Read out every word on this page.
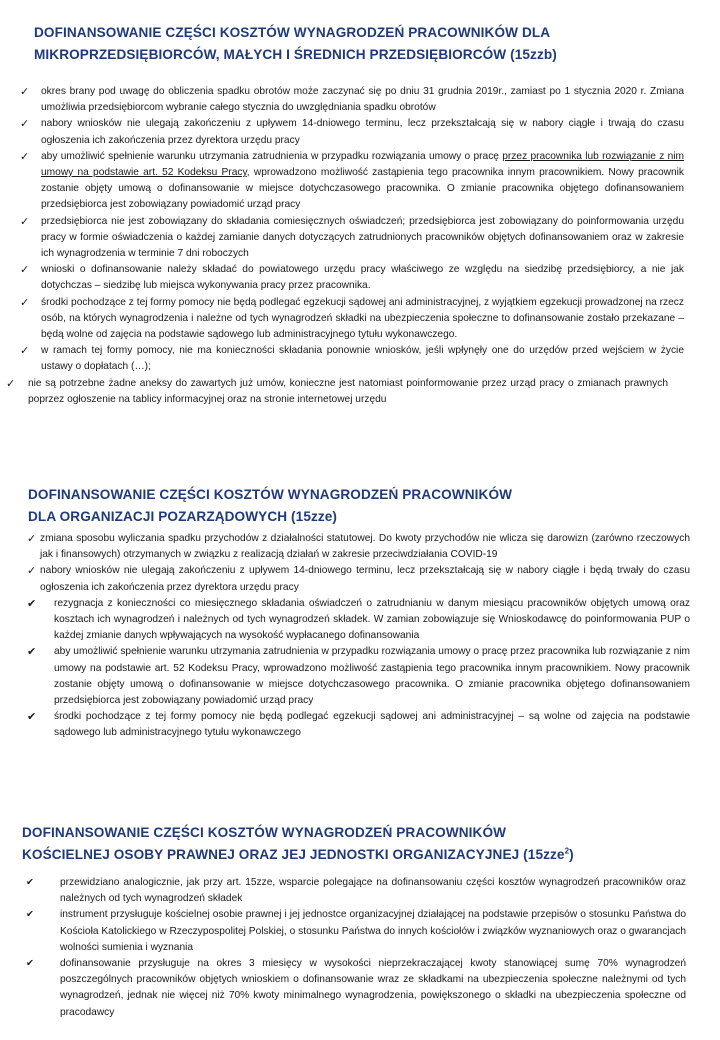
DOFINANSOWANIE CZĘŚCI KOSZTÓW WYNAGRODZEŃ PRACOWNIKÓW DLA
MIKROPRZEDSIĘBIORCÓW, MAŁYCH I ŚREDNICH PRZEDSIĘBIORCÓW (15zzb)
✓ okres brany pod uwagę do obliczenia spadku obrotów może zaczynać się po dniu 31 grudnia 2019r., zamiast po 1 stycznia 2020 r. Zmiana umożliwia przedsiębiorcom wybranie całego stycznia do uwzględniania spadku obrotów
✓ nabory wniosków nie ulegają zakończeniu z upływem 14-dniowego terminu, lecz przekształcają się w nabory ciągłe i trwają do czasu ogłoszenia ich zakończenia przez dyrektora urzędu pracy
✓ aby umożliwić spełnienie warunku utrzymania zatrudnienia w przypadku rozwiązania umowy o pracę przez pracownika lub rozwiązanie z nim umowy na podstawie art. 52 Kodeksu Pracy, wprowadzono możliwość zastąpienia tego pracownika innym pracownikiem. Nowy pracownik zostanie objęty umową o dofinansowanie w miejsce dotychczasowego pracownika. O zmianie pracownika objętego dofinansowaniem przedsiębiorca jest zobowiązany powiadomić urząd pracy
✓ przedsiębiorca nie jest zobowiązany do składania comiesięcznych oświadczeń; przedsiębiorca jest zobowiązany do poinformowania urzędu pracy w formie oświadczenia o każdej zamianie danych dotyczących zatrudnionych pracowników objętych dofinansowaniem oraz w zakresie ich wynagrodzenia w terminie 7 dni roboczych
✓ wnioski o dofinansowanie należy składać do powiatowego urzędu pracy właściwego ze względu na siedzibę przedsiębiorcy, a nie jak dotychczas – siedzibę lub miejsca wykonywania pracy przez pracownika.
✓ środki pochodzące z tej formy pomocy nie będą podlegać egzekucji sądowej ani administracyjnej, z wyjątkiem egzekucji prowadzonej na rzecz osób, na których wynagrodzenia i należne od tych wynagrodzeń składki na ubezpieczenia społeczne to dofinansowanie zostało przekazane – będą wolne od zajęcia na podstawie sądowego lub administracyjnego tytułu wykonawczego.
✓ w ramach tej formy pomocy, nie ma konieczności składania ponownie wniosków, jeśli wpłynęły one do urzędów przed wejściem w życie ustawy o dopłatach (…);
✓ nie są potrzebne żadne aneksy do zawartych już umów, konieczne jest natomiast poinformowanie przez urząd pracy o zmianach prawnych poprzez ogłoszenie na tablicy informacyjnej oraz na stronie internetowej urzędu
DOFINANSOWANIE CZĘŚCI KOSZTÓW WYNAGRODZEŃ PRACOWNIKÓW
DLA ORGANIZACJI POZARZĄDOWYCH (15zze)
✓ zmiana sposobu wyliczania spadku przychodów z działalności statutowej. Do kwoty przychodów nie wlicza się darowizn (zarówno rzeczowych jak i finansowych) otrzymanych w związku z realizacją działań w zakresie przeciwdziałania COVID-19
✓ nabory wniosków nie ulegają zakończeniu z upływem 14-dniowego terminu, lecz przekształcają się w nabory ciągłe i będą trwały do czasu ogłoszenia ich zakończenia przez dyrektora urzędu pracy
✔ rezygnacja z konieczności co miesięcznego składania oświadczeń o zatrudnianiu w danym miesiącu pracowników objętych umową oraz kosztach ich wynagrodzeń i należnych od tych wynagrodzeń składek. W zamian zobowiązuje się Wnioskodawcę do poinformowania PUP o każdej zmianie danych wpływających na wysokość wypłacanego dofinansowania
✔ aby umożliwić spełnienie warunku utrzymania zatrudnienia w przypadku rozwiązania umowy o pracę przez pracownika lub rozwiązanie z nim umowy na podstawie art. 52 Kodeksu Pracy, wprowadzono możliwość zastąpienia tego pracownika innym pracownikiem. Nowy pracownik zostanie objęty umową o dofinansowanie w miejsce dotychczasowego pracownika. O zmianie pracownika objętego dofinansowaniem przedsiębiorca jest zobowiązany powiadomić urząd pracy
✔ środki pochodzące z tej formy pomocy nie będą podlegać egzekucji sądowej ani administracyjnej – są wolne od zajęcia na podstawie sądowego lub administracyjnego tytułu wykonawczego
DOFINANSOWANIE CZĘŚCI KOSZTÓW WYNAGRODZEŃ PRACOWNIKÓW
KOŚCIELNEJ OSOBY PRAWNEJ ORAZ JEJ JEDNOSTKI ORGANIZACYJNEJ (15zze$^2$)
✔	przewidziano analogicznie, jak przy art. 15zze, wsparcie polegające na dofinansowaniu części kosztów wynagrodzeń pracowników oraz należnych od tych wynagrodzeń składek
✔	instrument przysługuje kościelnej osobie prawnej i jej jednostce organizacyjnej działającej na podstawie przepisów o stosunku Państwa do Kościoła Katolickiego w Rzeczypospolitej Polskiej, o stosunku Państwa do innych kościołów i związków wyznaniowych oraz o gwarancjach wolności sumienia i wyznania
✔	dofinansowanie przysługuje na okres 3 miesięcy w wysokości nieprzekraczającej kwoty stanowiącej sumę 70% wynagrodzeń poszczególnych pracowników objętych wnioskiem o dofinansowanie wraz ze składkami na ubezpieczenia społeczne należnymi od tych wynagrodzeń, jednak nie więcej niż 70% kwoty minimalnego wynagrodzenia, powiększonego o składki na ubezpieczenia społeczne od pracodawcy
